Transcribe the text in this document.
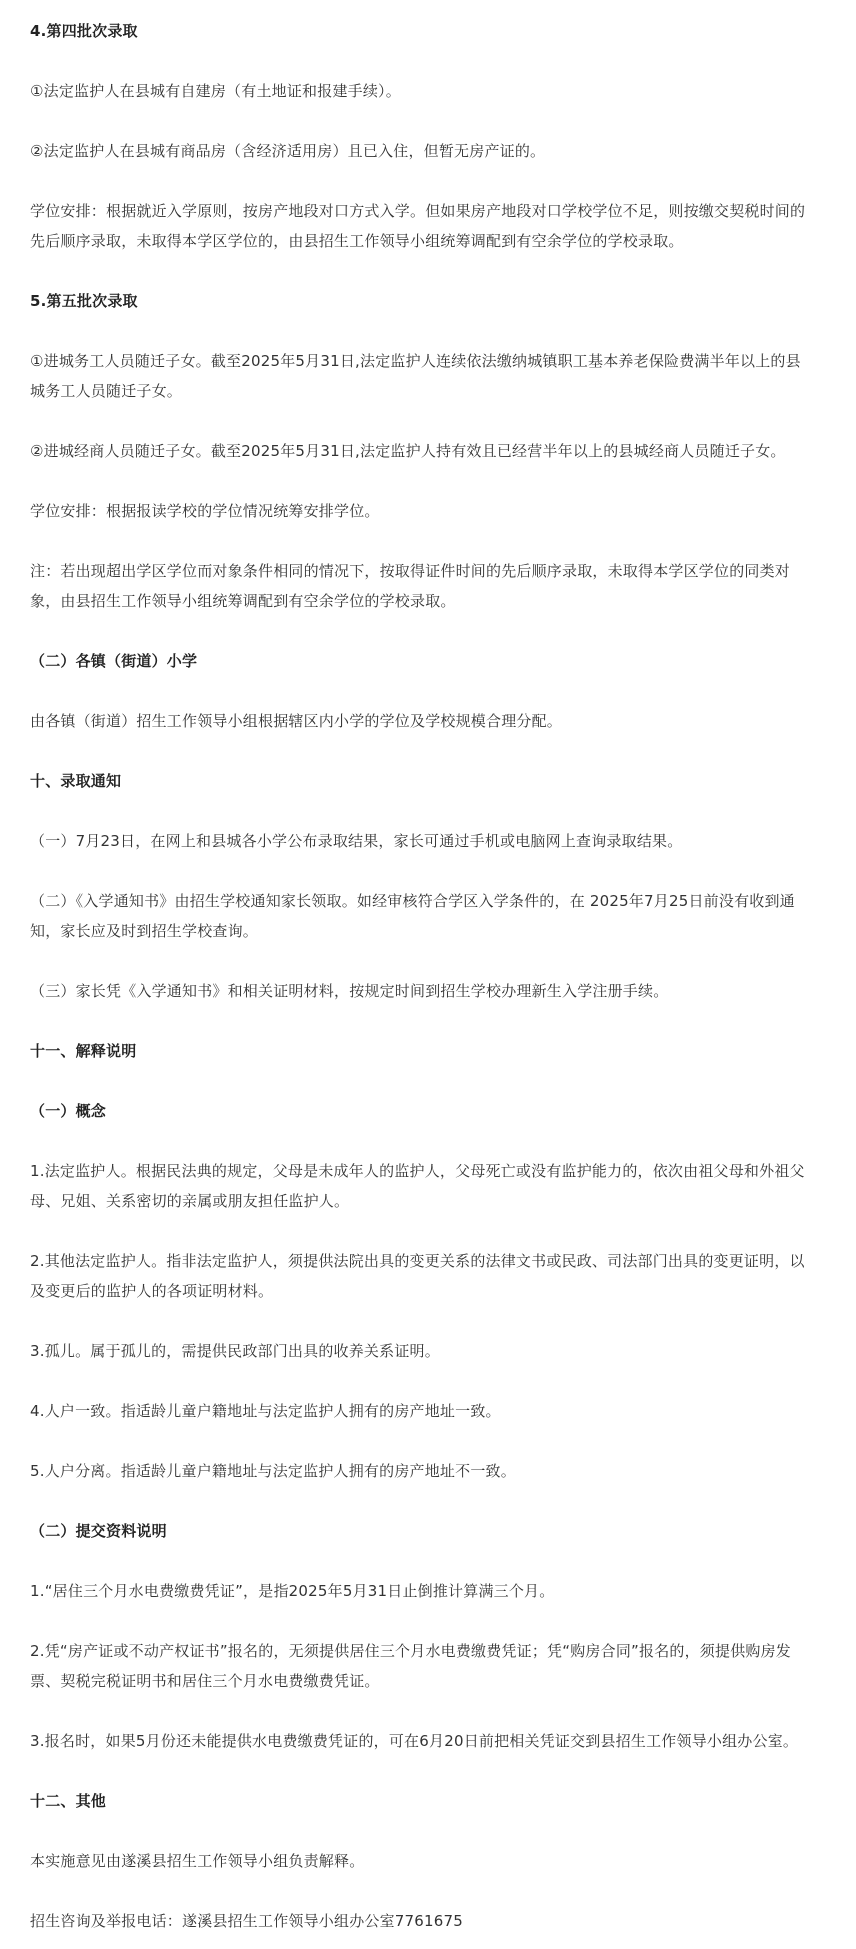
4.第四批次录取

①法定监护人在县城有自建房（有土地证和报建手续）。

②法定监护人在县城有商品房（含经济适用房）且已入住，但暂无房产证的。

学位安排：根据就近入学原则，按房产地段对口方式入学。但如果房产地段对口学校学位不足，则按缴交契税时间的先后顺序录取，未取得本学区学位的，由县招生工作领导小组统筹调配到有空余学位的学校录取。

5.第五批次录取

①进城务工人员随迁子女。截至2025年5月31日,法定监护人连续依法缴纳城镇职工基本养老保险费满半年以上的县城务工人员随迁子女。

②进城经商人员随迁子女。截至2025年5月31日,法定监护人持有效且已经营半年以上的县城经商人员随迁子女。

学位安排：根据报读学校的学位情况统筹安排学位。

注：若出现超出学区学位而对象条件相同的情况下，按取得证件时间的先后顺序录取，未取得本学区学位的同类对象，由县招生工作领导小组统筹调配到有空余学位的学校录取。

（二）各镇（街道）小学

由各镇（街道）招生工作领导小组根据辖区内小学的学位及学校规模合理分配。

十、录取通知

（一）7月23日，在网上和县城各小学公布录取结果，家长可通过手机或电脑网上查询录取结果。

（二）《入学通知书》由招生学校通知家长领取。如经审核符合学区入学条件的，在 2025年7月25日前没有收到通知，家长应及时到招生学校查询。

（三）家长凭《入学通知书》和相关证明材料，按规定时间到招生学校办理新生入学注册手续。

十一、解释说明

（一）概念

1.法定监护人。根据民法典的规定，父母是未成年人的监护人，父母死亡或没有监护能力的，依次由祖父母和外祖父母、兄姐、关系密切的亲属或朋友担任监护人。

2.其他法定监护人。指非法定监护人，须提供法院出具的变更关系的法律文书或民政、司法部门出具的变更证明，以及变更后的监护人的各项证明材料。

3.孤儿。属于孤儿的，需提供民政部门出具的收养关系证明。

4.人户一致。指适龄儿童户籍地址与法定监护人拥有的房产地址一致。

5.人户分离。指适龄儿童户籍地址与法定监护人拥有的房产地址不一致。

（二）提交资料说明

1.“居住三个月水电费缴费凭证”，是指2025年5月31日止倒推计算满三个月。

2.凭“房产证或不动产权证书”报名的，无须提供居住三个月水电费缴费凭证；凭“购房合同”报名的，须提供购房发票、契税完税证明书和居住三个月水电费缴费凭证。

3.报名时，如果5月份还未能提供水电费缴费凭证的，可在6月20日前把相关凭证交到县招生工作领导小组办公室。

十二、其他

本实施意见由遂溪县招生工作领导小组负责解释。

招生咨询及举报电话：遂溪县招生工作领导小组办公室7761675
